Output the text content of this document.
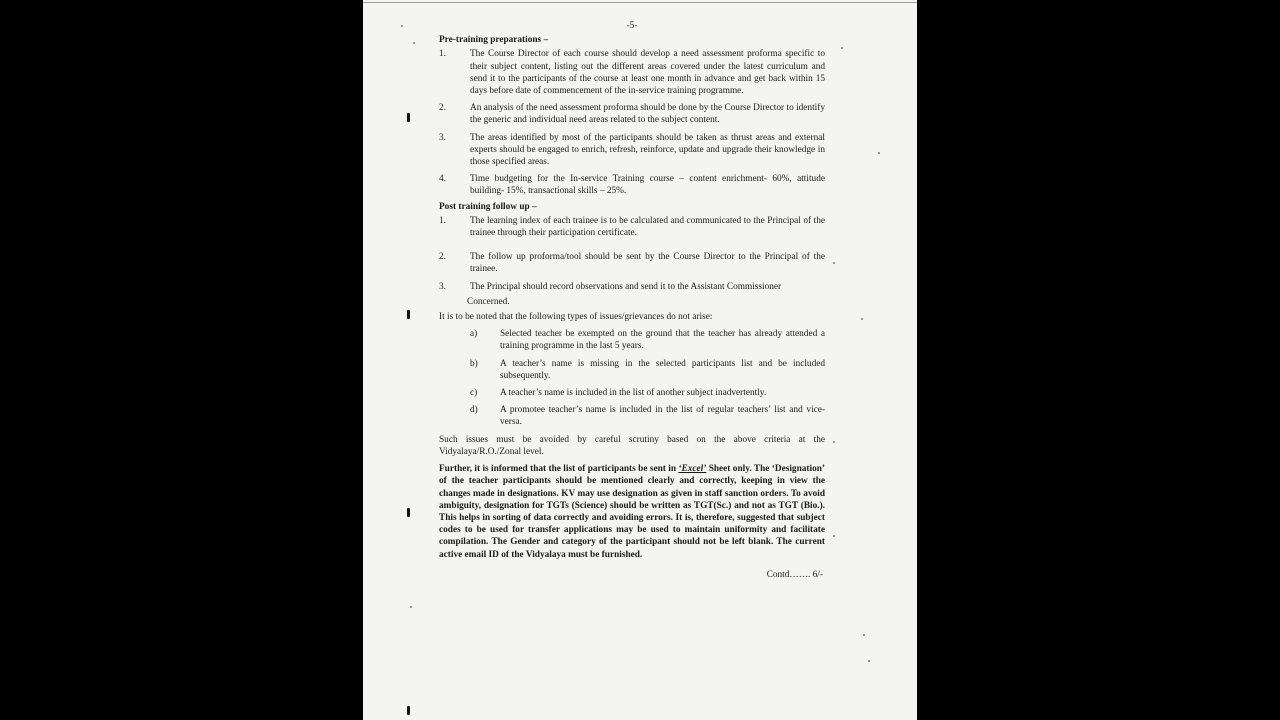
-5-
Pre-training preparations –
1.	The Course Director of each course should develop a need assessment proforma specific to their subject content, listing out the different areas covered under the latest curriculum and send it to the participants of the course at least one month in advance and get back within 15 days before date of commencement of the in-service training programme.
2.	An analysis of the need assessment proforma should be done by the Course Director to identify the generic and individual need areas related to the subject content.
3.	The areas identified by most of the participants should be taken as thrust areas and external experts should be engaged to enrich, refresh, reinforce, update and upgrade their knowledge in those specified areas.
4.	Time budgeting for the In-service Training course – content enrichment- 60%, attitude building- 15%, transactional skills – 25%.
Post training follow up –
1.	The learning index of each trainee is to be calculated and communicated to the Principal of the trainee through their participation certificate.
2.	The follow up proforma/tool should be sent by the Course Director to the Principal of the trainee.
3.	The Principal should record observations and send it to the Assistant Commissioner
Concerned.
It is to be noted that the following types of issues/grievances do not arise:
a)	Selected teacher be exempted on the ground that the teacher has already attended a training programme in the last 5 years.
b)	A teacher’s name is missing in the selected participants list and be included subsequently.
c)	A teacher’s name is included in the list of another subject inadvertently.
d)	A promotee teacher’s name is included in the list of regular teachers’ list and vice-versa.
Such issues must be avoided by careful scrutiny based on the above criteria at the Vidyalaya/R.O./Zonal level.
Further, it is informed that the list of participants be sent in ‘Excel’ Sheet only. The ‘Designation’ of the teacher participants should be mentioned clearly and correctly, keeping in view the changes made in designations. KV may use designation as given in staff sanction orders. To avoid ambiguity, designation for TGTs (Science) should be written as TGT(Sc.) and not as TGT (Bio.). This helps in sorting of data correctly and avoiding errors. It is, therefore, suggested that subject codes to be used for transfer applications may be used to maintain uniformity and facilitate compilation. The Gender and category of the participant should not be left blank. The current active email ID of the Vidyalaya must be furnished.
Contd……. 6/-
